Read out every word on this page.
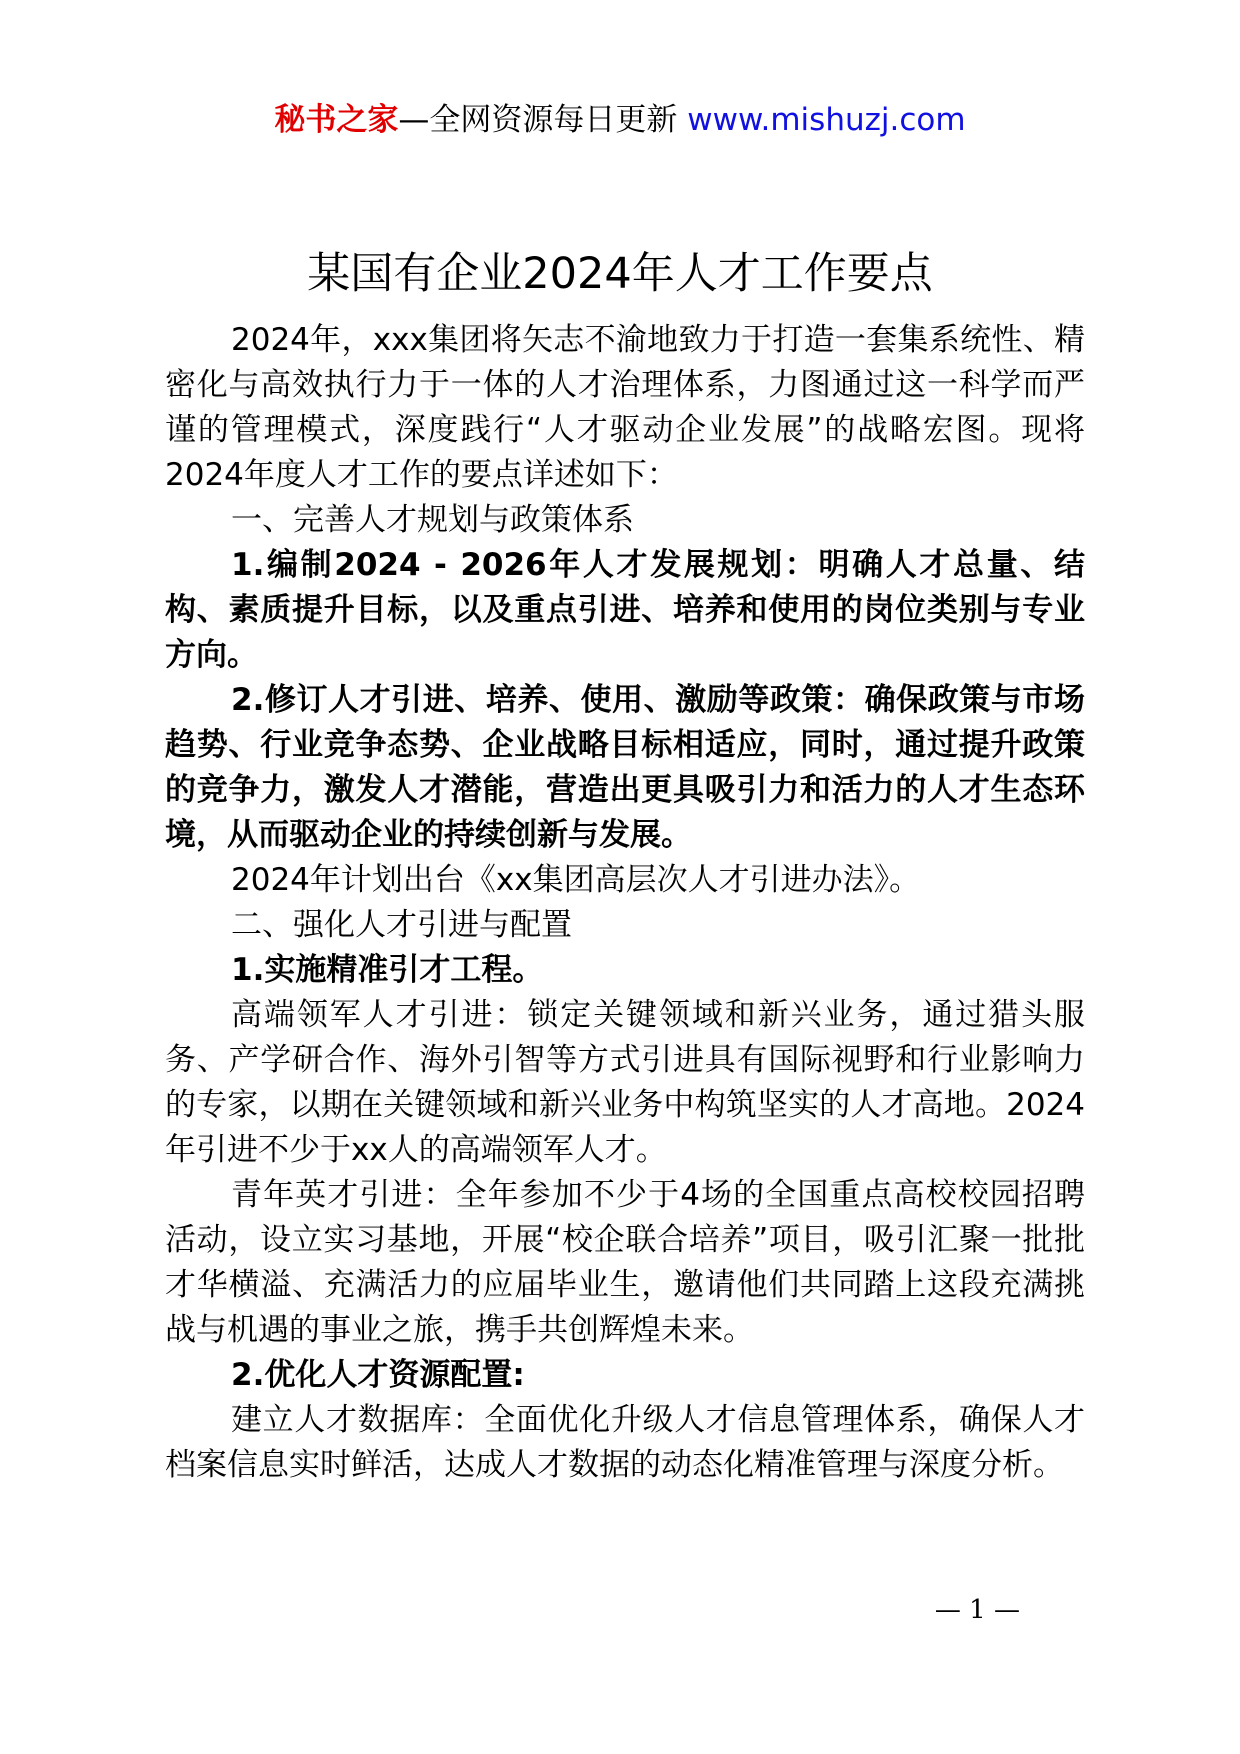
秘书之家—全网资源每日更新 www.mishuzj.com
某国有企业2024年人才工作要点

2024年，xxx集团将矢志不渝地致力于打造一套集系统性、精密化与高效执行力于一体的人才治理体系，力图通过这一科学而严谨的管理模式，深度践行“人才驱动企业发展”的战略宏图。现将2024年度人才工作的要点详述如下：

一、完善人才规划与政策体系

1.编制2024 - 2026年人才发展规划：明确人才总量、结构、素质提升目标，以及重点引进、培养和使用的岗位类别与专业方向。

2.修订人才引进、培养、使用、激励等政策：确保政策与市场趋势、行业竞争态势、企业战略目标相适应，同时，通过提升政策的竞争力，激发人才潜能，营造出更具吸引力和活力的人才生态环境，从而驱动企业的持续创新与发展。

2024年计划出台《xx集团高层次人才引进办法》。

二、强化人才引进与配置

1.实施精准引才工程。

高端领军人才引进：锁定关键领域和新兴业务，通过猎头服务、产学研合作、海外引智等方式引进具有国际视野和行业影响力的专家，以期在关键领域和新兴业务中构筑坚实的人才高地。2024年引进不少于xx人的高端领军人才。

青年英才引进：全年参加不少于4场的全国重点高校校园招聘活动，设立实习基地，开展“校企联合培养”项目，吸引汇聚一批批才华横溢、充满活力的应届毕业生，邀请他们共同踏上这段充满挑战与机遇的事业之旅，携手共创辉煌未来。

2.优化人才资源配置:

建立人才数据库：全面优化升级人才信息管理体系，确保人才档案信息实时鲜活，达成人才数据的动态化精准管理与深度分析。

— 1 —
